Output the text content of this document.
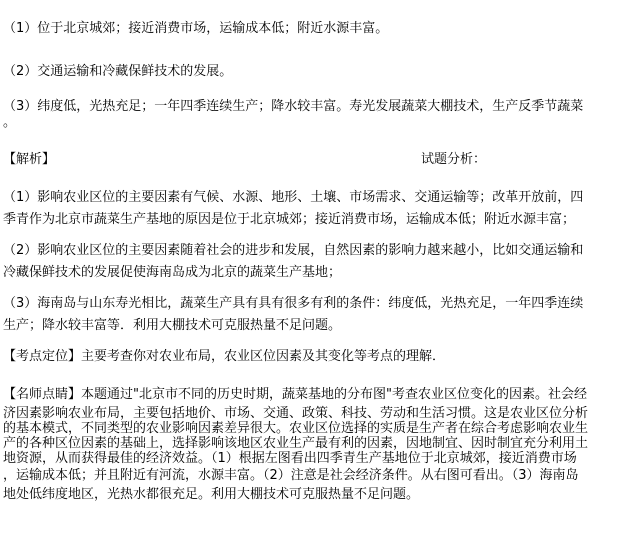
（1）位于北京城郊；接近消费市场，运输成本低；附近水源丰富。
（2）交通运输和冷藏保鲜技术的发展。
（3）纬度低，光热充足；一年四季连续生产；降水较丰富。寿光发展蔬菜大棚技术，生产反季节蔬菜
。
【解析】	试题分析：
（1）影响农业区位的主要因素有气候、水源、地形、土壤、市场需求、交通运输等；改革开放前，四
季青作为北京市蔬菜生产基地的原因是位于北京城郊；接近消费市场，运输成本低；附近水源丰富；
（2）影响农业区位的主要因素随着社会的进步和发展，自然因素的影响力越来越小，比如交通运输和
冷藏保鲜技术的发展促使海南岛成为北京的蔬菜生产基地；
（3）海南岛与山东寿光相比，蔬菜生产具有具有很多有利的条件：纬度低，光热充足，一年四季连续
生产；降水较丰富等．利用大棚技术可克服热量不足问题。
【考点定位】主要考查你对农业布局，农业区位因素及其变化等考点的理解．
【名师点睛】本题通过"北京市不同的历史时期，蔬菜基地的分布图"考查农业区位变化的因素。社会经
济因素影响农业布局，主要包括地价、市场、交通、政策、科技、劳动和生活习惯。这是农业区位分析
的基本模式，不同类型的农业影响因素差异很大。农业区位选择的实质是生产者在综合考虑影响农业生
产的各种区位因素的基础上，选择影响该地区农业生产最有利的因素，因地制宜、因时制宜充分利用土
地资源，从而获得最佳的经济效益。（1）根据左图看出四季青生产基地位于北京城郊，接近消费市场
，运输成本低；并且附近有河流，水源丰富。（2）注意是社会经济条件。从右图可看出。（3）海南岛
地处低纬度地区，光热水都很充足。利用大棚技术可克服热量不足问题。
